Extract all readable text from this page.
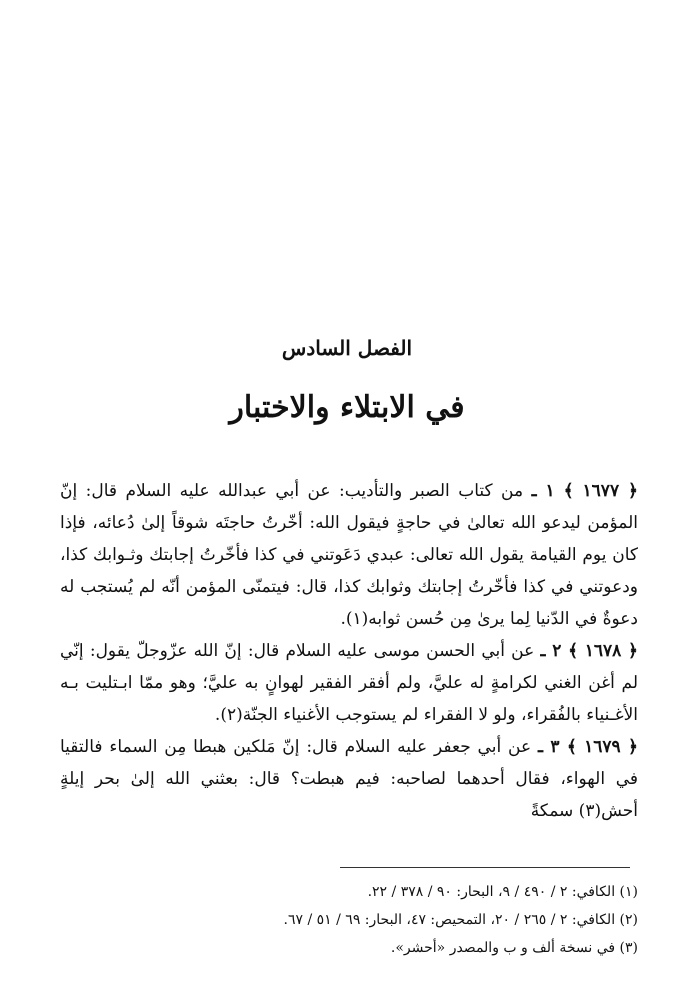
الفصل السادس
في الابتلاء والاختبار

﴿ ١٦٧٧ ﴾ ١ ـ من كتاب الصبر والتأديب: عن أبي عبدالله عليه السلام قال: إنّ المؤمن ليدعو الله تعالىٰ في حاجةٍ فيقول الله: أخّرتُ حاجتَه شوقاً إلىٰ دُعائه، فإذا كان يوم القيامة يقول الله تعالى: عبدي دَعَوتني في كذا فأخّرتُ إجابتك وثـوابك كذا، ودعوتني في كذا فأخّرتُ إجابتك وثوابك كذا، قال: فيتمنّى المؤمن أنّه لم يُستجب له دعوةٌ في الدّنيا لِما يرىٰ مِن حُسن ثوابه(١).

﴿ ١٦٧٨ ﴾ ٢ ـ عن أبي الحسن موسى عليه السلام قال: إنّ الله عزّوجلّ يقول: إنّي لم أغن الغني لكرامةٍ له عليَّ، ولم أفقر الفقير لهوانٍ به عليَّ؛ وهو ممّا ابـتليت بـه الأغـنياء بالفُقراء، ولو لا الفقراء لم يستوجب الأغنياء الجنّة(٢).

﴿ ١٦٧٩ ﴾ ٣ ـ عن أبي جعفر عليه السلام قال: إنّ مَلكين هبطا مِن السماء فالتقيا في الهواء، فقال أحدهما لصاحبه: فيم هبطت؟ قال: بعثني الله إلىٰ بحر إيلةٍ أحش(٣) سمكةً

(١) الكافي: ٢ / ٤٩٠ / ٩، البحار: ٩٠ / ٣٧٨ / ٢٢.

(٢) الكافي: ٢ / ٢٦٥ / ٢٠، التمحيص: ٤٧، البحار: ٦٩ / ٥١ / ٦٧.

(٣) في نسخة ألف و ب والمصدر «أحشر».
